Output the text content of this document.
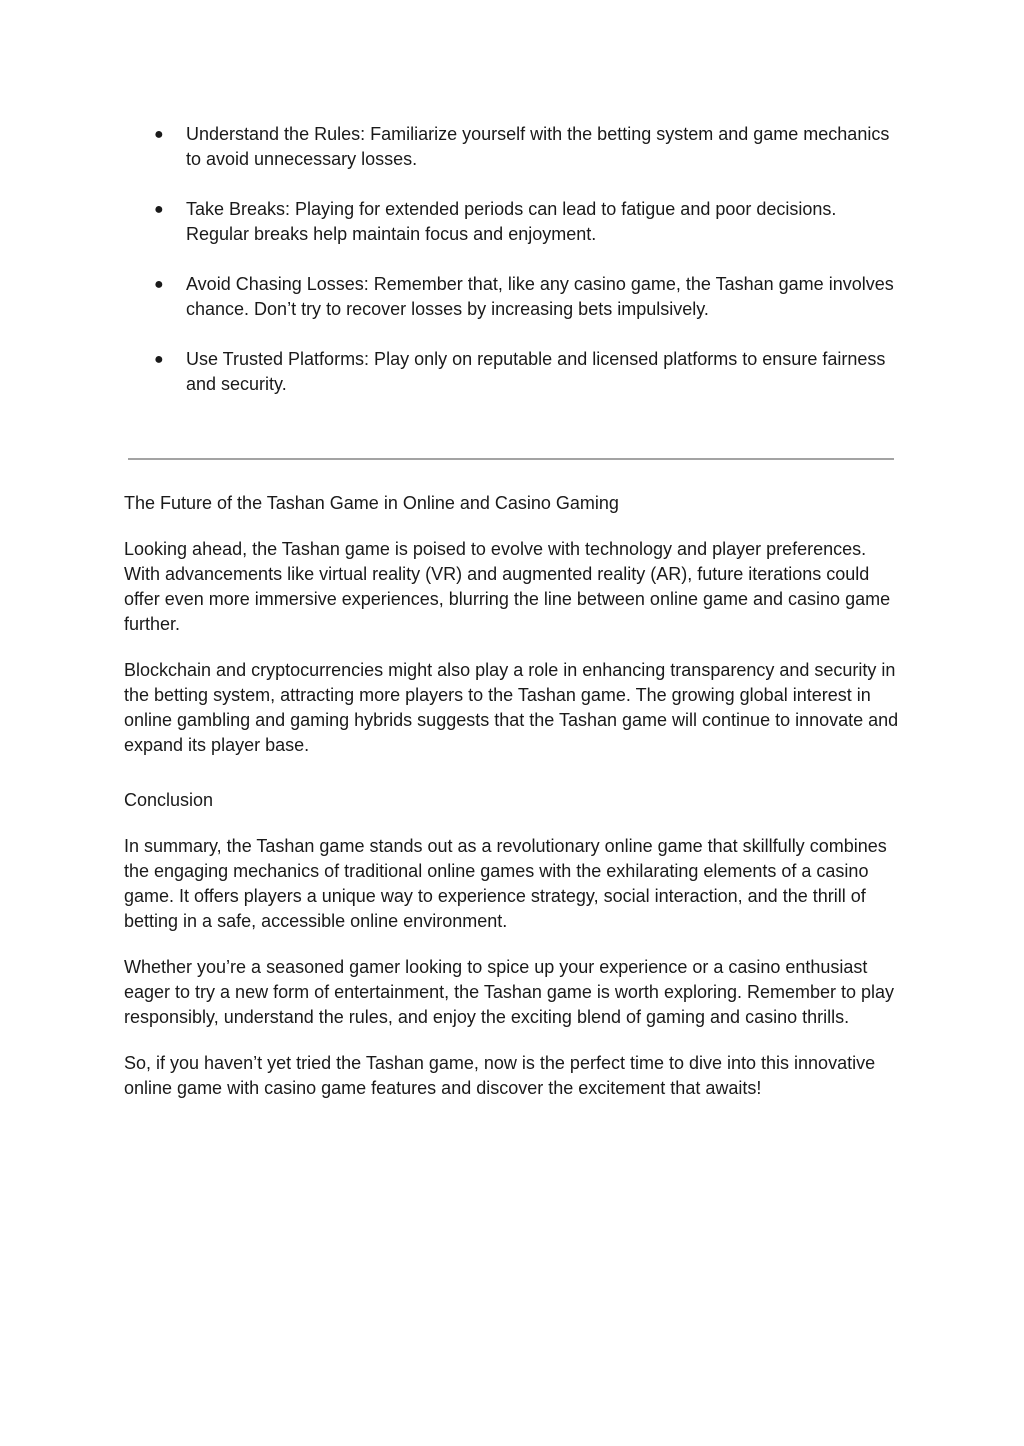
● Understand the Rules: Familiarize yourself with the betting system and game mechanics to avoid unnecessary losses.
● Take Breaks: Playing for extended periods can lead to fatigue and poor decisions. Regular breaks help maintain focus and enjoyment.
● Avoid Chasing Losses: Remember that, like any casino game, the Tashan game involves chance. Don’t try to recover losses by increasing bets impulsively.
● Use Trusted Platforms: Play only on reputable and licensed platforms to ensure fairness and security.

The Future of the Tashan Game in Online and Casino Gaming

Looking ahead, the Tashan game is poised to evolve with technology and player preferences. With advancements like virtual reality (VR) and augmented reality (AR), future iterations could offer even more immersive experiences, blurring the line between online game and casino game further.

Blockchain and cryptocurrencies might also play a role in enhancing transparency and security in the betting system, attracting more players to the Tashan game. The growing global interest in online gambling and gaming hybrids suggests that the Tashan game will continue to innovate and expand its player base.

Conclusion

In summary, the Tashan game stands out as a revolutionary online game that skillfully combines the engaging mechanics of traditional online games with the exhilarating elements of a casino game. It offers players a unique way to experience strategy, social interaction, and the thrill of betting in a safe, accessible online environment.

Whether you’re a seasoned gamer looking to spice up your experience or a casino enthusiast eager to try a new form of entertainment, the Tashan game is worth exploring. Remember to play responsibly, understand the rules, and enjoy the exciting blend of gaming and casino thrills.

So, if you haven’t yet tried the Tashan game, now is the perfect time to dive into this innovative online game with casino game features and discover the excitement that awaits!
